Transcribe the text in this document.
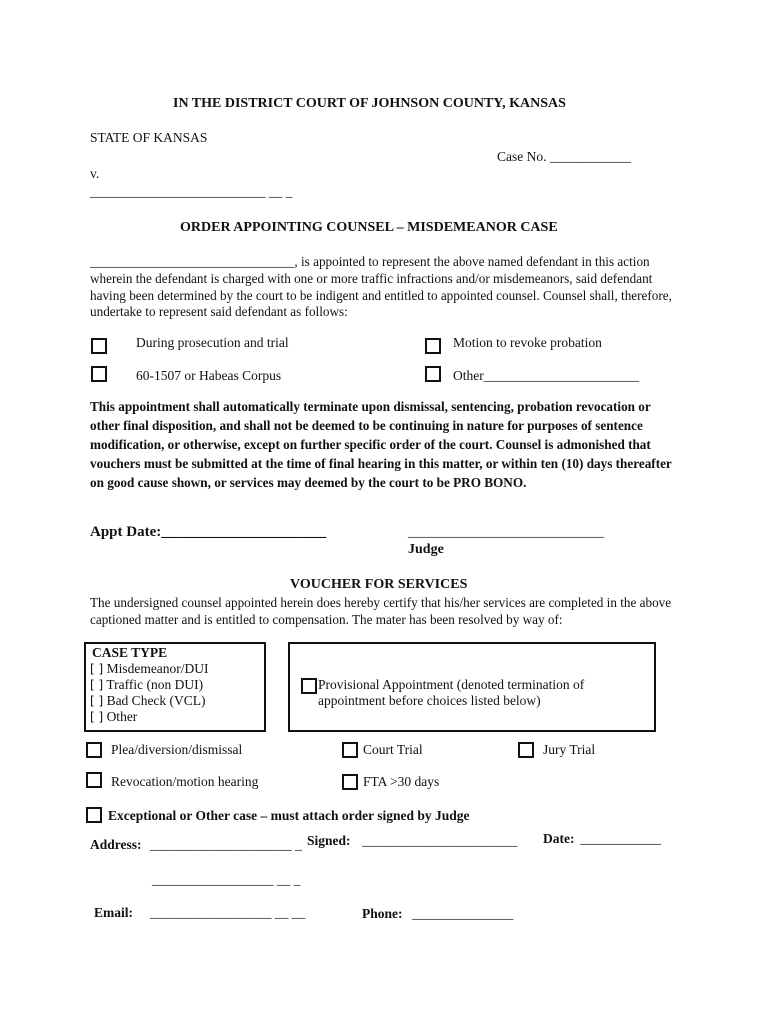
IN THE DISTRICT COURT OF JOHNSON COUNTY, KANSAS
STATE OF KANSAS
Case No. ____________
v.
__________________________ __ _
ORDER APPOINTING COUNSEL – MISDEMEANOR CASE
_______________________________, is appointed to represent the above named defendant in this action wherein the defendant is charged with one or more traffic infractions and/or misdemeanors, said defendant having been determined by the court to be indigent and entitled to appointed counsel. Counsel shall, therefore, undertake to represent said defendant as follows:
During prosecution and trial	Motion to revoke probation
60-1507 or Habeas Corpus	Other_______________________
This appointment shall automatically terminate upon dismissal, sentencing, probation revocation or other final disposition, and shall not be deemed to be continuing in nature for purposes of sentence modification, or otherwise, except on further specific order of the court. Counsel is admonished that vouchers must be submitted at the time of final hearing in this matter, or within ten (10) days thereafter on good cause shown, or services may deemed by the court to be PRO BONO.
Appt Date:______________________	_____________________________
Judge
VOUCHER FOR SERVICES
The undersigned counsel appointed herein does hereby certify that his/her services are completed in the above captioned matter and is entitled to compensation. The mater has been resolved by way of:
CASE TYPE
[ ] Misdemeanor/DUI
[ ] Traffic (non DUI)
[ ] Bad Check (VCL)
[ ] Other
Provisional Appointment (denoted termination of
appointment before choices listed below)
Plea/diversion/dismissal	Court Trial	Jury Trial
Revocation/motion hearing	FTA >30 days
Exceptional or Other case – must attach order signed by Judge
Address: _____________________ _ Signed: _______________________ Date: ____________
__________________ __ _
Email: __________________ __ __	Phone: _______________
